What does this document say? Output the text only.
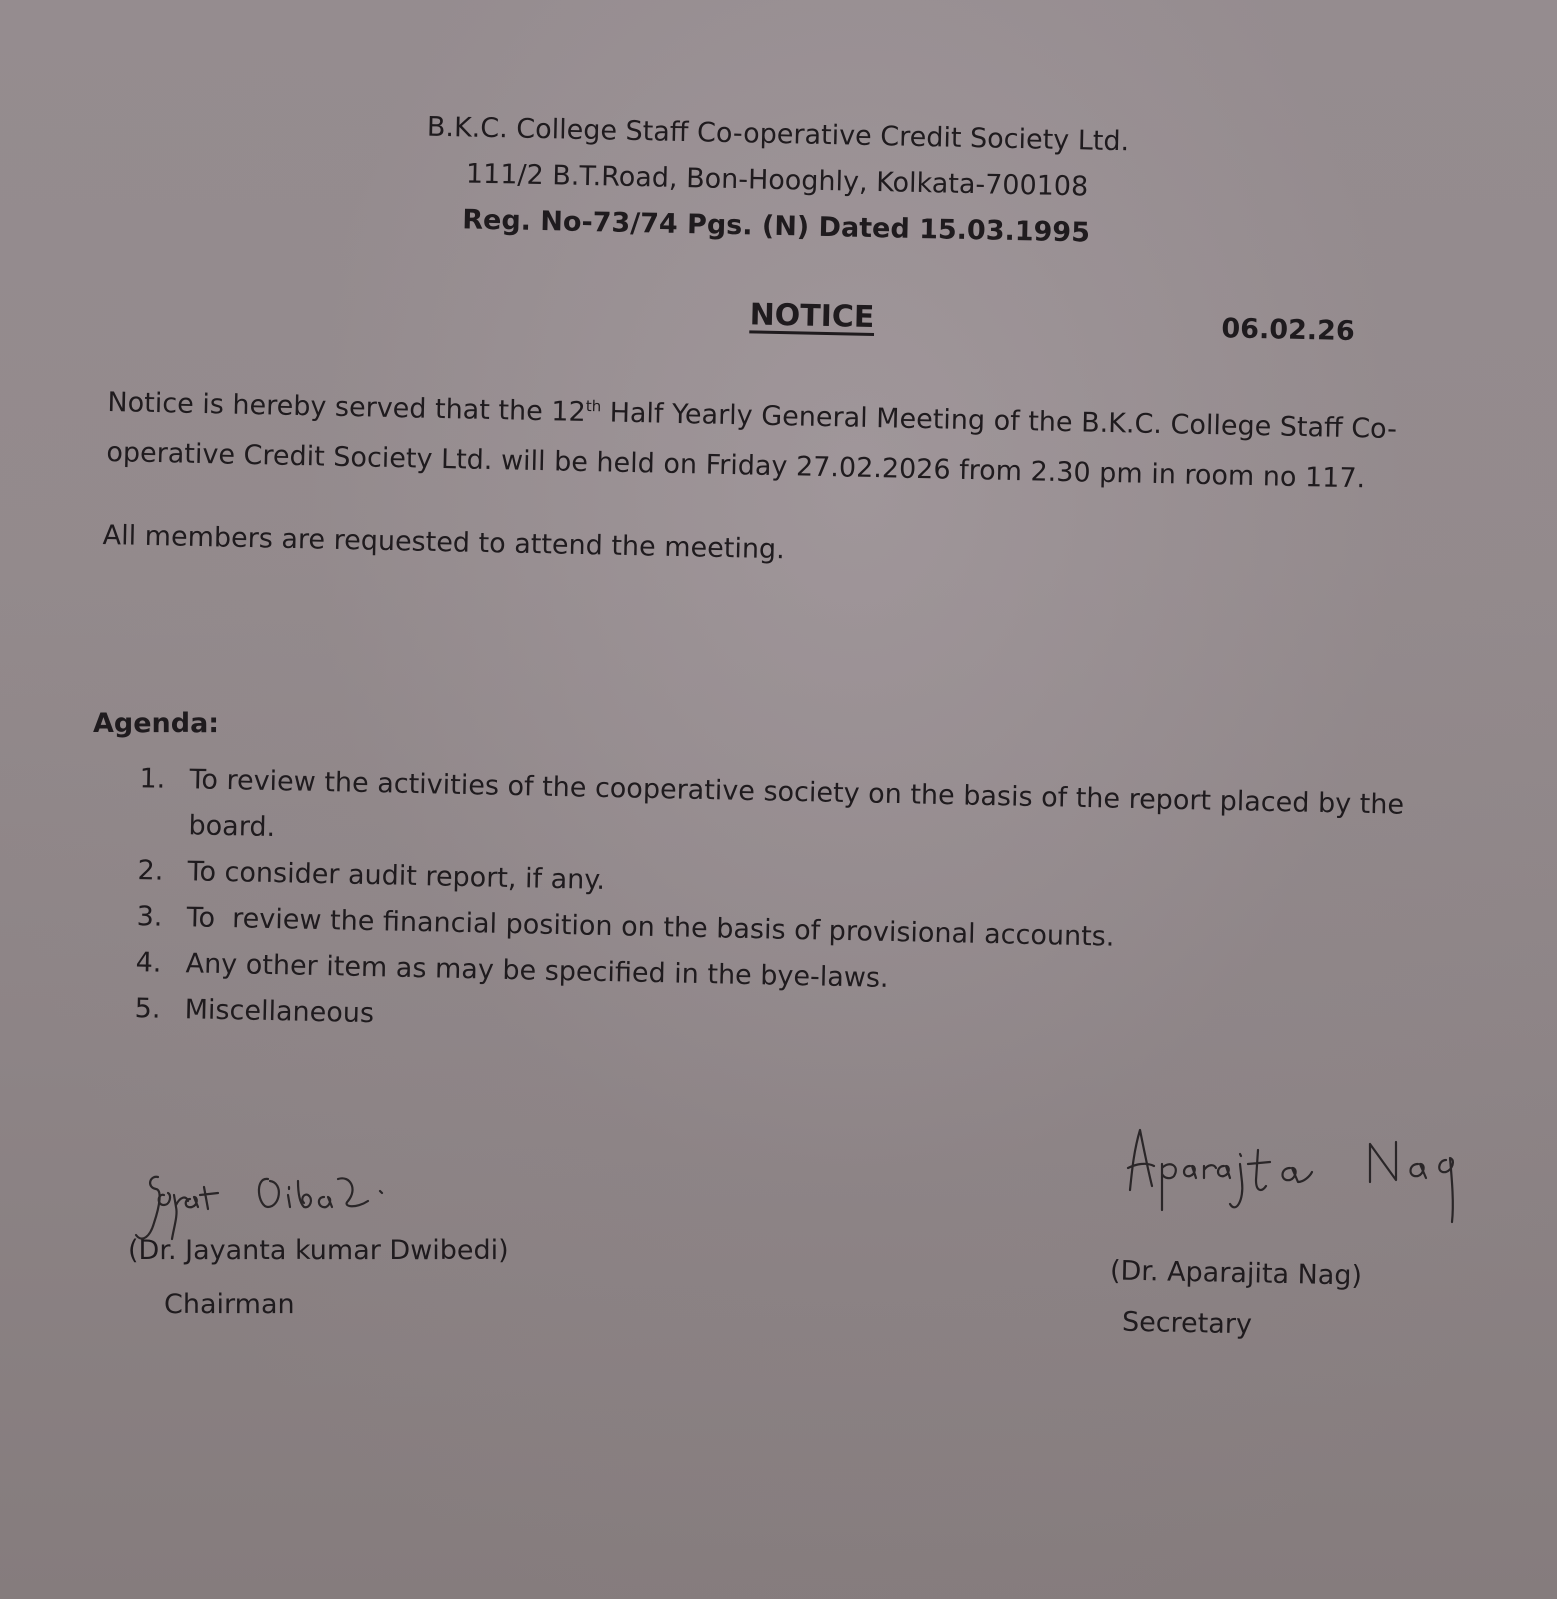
B.K.C. College Staff Co-operative Credit Society Ltd.
111/2 B.T.Road, Bon-Hooghly, Kolkata-700108
Reg. No-73/74 Pgs. (N) Dated 15.03.1995
NOTICE	06.02.26
Notice is hereby served that the 12th Half Yearly General Meeting of the B.K.C. College Staff Co-operative Credit Society Ltd. will be held on Friday 27.02.2026 from 2.30 pm in room no 117.
All members are requested to attend the meeting.
Agenda:
1. To review the activities of the cooperative society on the basis of the report placed by the board.
2. To consider audit report, if any.
3. To  review the financial position on the basis of provisional accounts.
4. Any other item as may be specified in the bye-laws.
5. Miscellaneous
(Dr. Jayanta kumar Dwibedi)
Chairman
(Dr. Aparajita Nag)
Secretary
